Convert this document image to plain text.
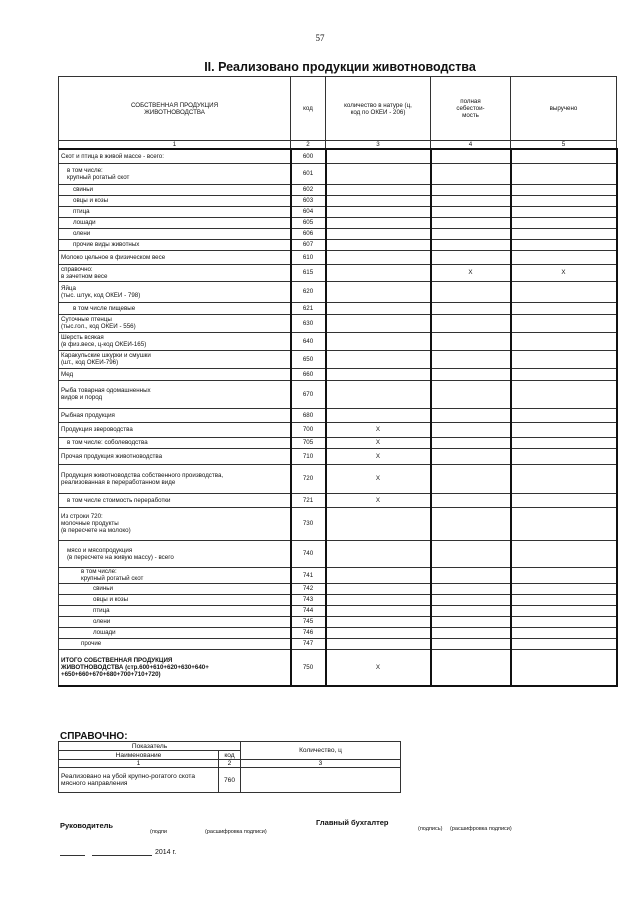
57
II. Реализовано продукции животноводства
СОБСТВЕННАЯ ПРОДУКЦИЯ ЖИВОТНОВОДСТВА	код	количество в натуре (ц, код по ОКЕИ - 206)	полная себестои-мость	выручено
1	2	3	4	5
Скот и птица в живой массе - всего:	600			
в том числе:
крупный рогатый скот	601			
свиньи	602			
овцы и козы	603			
птица	604			
лошади	605			
олени	606			
прочие виды животных	607			
Молоко цельное в физическом весе	610			
справочно:
в зачетном весе	615		X	X
Яйца
(тыс. штук, код ОКЕИ - 798)	620			
в том числе пищевые	621			
Суточные птенцы
(тыс.гол., код ОКЕИ - 556)	630			
Шерсть всякая
(в физ.весе, ц-код ОКЕИ-165)	640			
Каракульские шкурки и смушки
(шт., код ОКЕИ-796)	650			
Мед	660			
Рыба товарная одомашненных
видов и пород	670			
Рыбная продукция	680			
Продукция звероводства	700	X		
в том числе: соболеводства	705	X		
Прочая продукция животноводства	710	X		
Продукция животноводства собственного производства,
реализованная в переработанном виде	720	X		
в том числе стоимость переработки	721	X		
Из строки 720:
молочные продукты
(в пересчете на молоко)	730			
мясо и мясопродукция
(в пересчете на живую массу) - всего	740			
в том числе:
крупный рогатый скот	741			
свиньи	742			
овцы и козы	743			
птица	744			
олени	745			
лошади	746			
прочие	747			
ИТОГО СОБСТВЕННАЯ ПРОДУКЦИЯ
ЖИВОТНОВОДСТВА (стр.600+610+620+630+640+
+650+660+670+680+700+710+720)	750	X		
СПРАВОЧНО:
Показатель		Количество, ц
Наименование	код	
1	2	3
Реализовано на убой крупно-рогатого скота мясного направления	760	
Руководитель
(подпи	(расшифровка подписи)
Главный бухгалтер
(подпись) (расшифровка подписи)
2014 г.
